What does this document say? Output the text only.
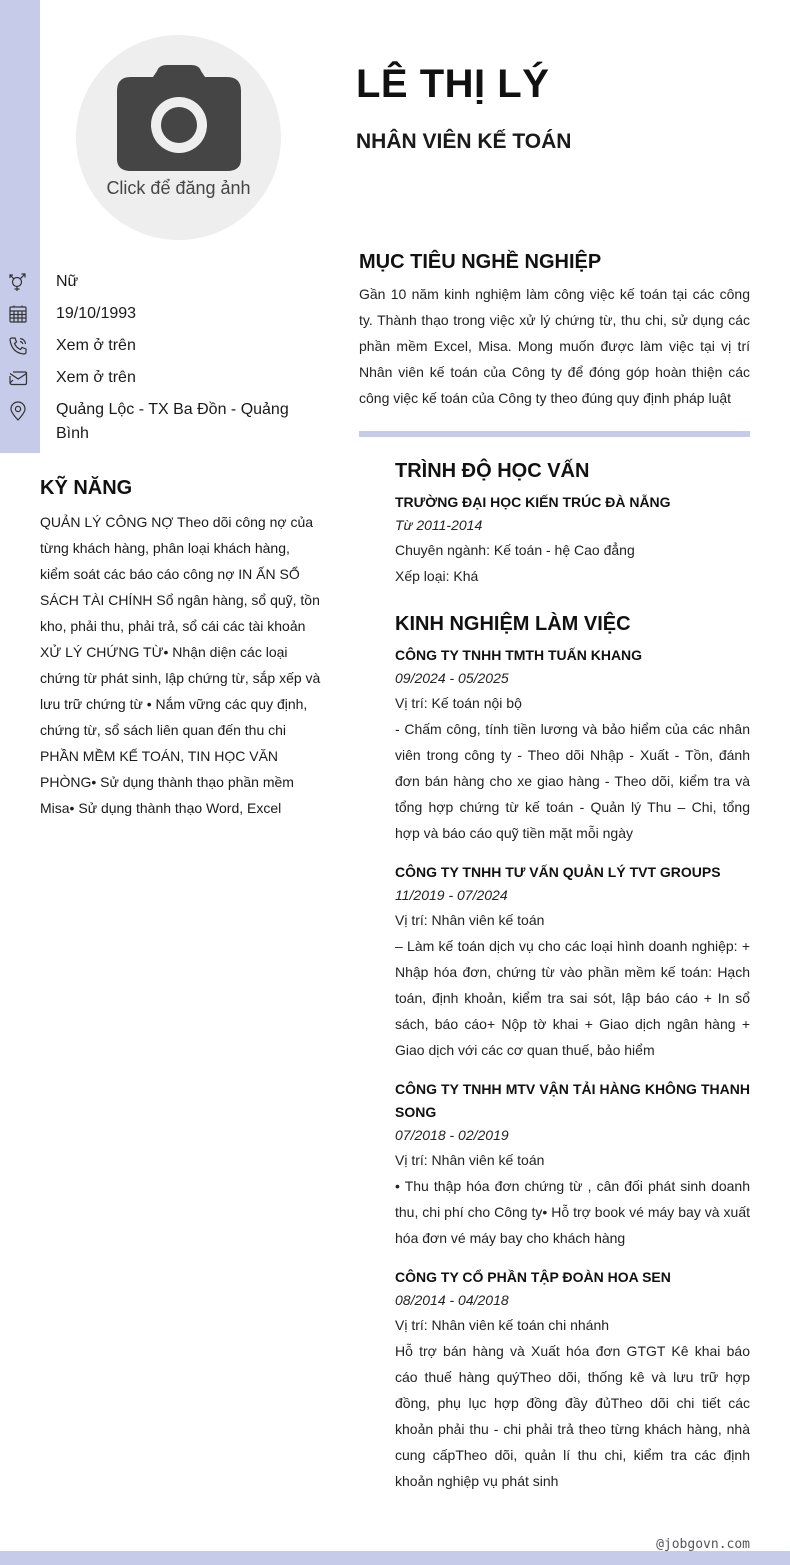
Click để đăng ảnh
LÊ THỊ LÝ
NHÂN VIÊN KẾ TOÁN
Nữ
19/10/1993
Xem ở trên
Xem ở trên
Quảng Lộc - TX Ba Đồn - Quảng Bình
MỤC TIÊU NGHỀ NGHIỆP
Gần 10 năm kinh nghiệm làm công việc kế toán tại các công ty. Thành thạo trong việc xử lý chứng từ, thu chi, sử dụng các phần mềm Excel, Misa. Mong muốn được làm việc tại vị trí Nhân viên kế toán của Công ty để đóng góp hoàn thiện các công việc kế toán của Công ty theo đúng quy định pháp luật
KỸ NĂNG
QUẢN LÝ CÔNG NỢ Theo dõi công nợ của từng khách hàng, phân loại khách hàng, kiểm soát các báo cáo công nợ IN ẤN SỔ SÁCH TÀI CHÍNH Sổ ngân hàng, sổ quỹ, tồn kho, phải thu, phải trả, sổ cái các tài khoản XỬ LÝ CHỨNG TỪ• Nhận diện các loại chứng từ phát sinh, lập chứng từ, sắp xếp và lưu trữ chứng từ • Nắm vững các quy định, chứng từ, sổ sách liên quan đến thu chi PHẦN MỀM KẾ TOÁN, TIN HỌC VĂN PHÒNG• Sử dụng thành thạo phần mềm Misa• Sử dụng thành thạo Word, Excel
TRÌNH ĐỘ HỌC VẤN
TRƯỜNG ĐẠI HỌC KIẾN TRÚC ĐÀ NẴNG
Từ 2011-2014
Chuyên ngành: Kế toán - hệ Cao đẳng
Xếp loại: Khá
KINH NGHIỆM LÀM VIỆC
CÔNG TY TNHH TMTH TUẤN KHANG
09/2024 - 05/2025
Vị trí: Kế toán nội bộ
- Chấm công, tính tiền lương và bảo hiểm của các nhân viên trong công ty - Theo dõi Nhập - Xuất - Tồn, đánh đơn bán hàng cho xe giao hàng - Theo dõi, kiểm tra và tổng hợp chứng từ kế toán - Quản lý Thu – Chi, tổng hợp và báo cáo quỹ tiền mặt mỗi ngày
CÔNG TY TNHH TƯ VẤN QUẢN LÝ TVT GROUPS
11/2019 - 07/2024
Vị trí: Nhân viên kế toán
– Làm kế toán dịch vụ cho các loại hình doanh nghiệp: + Nhập hóa đơn, chứng từ vào phần mềm kế toán: Hạch toán, định khoản, kiểm tra sai sót, lập báo cáo + In sổ sách, báo cáo+ Nộp tờ khai + Giao dịch ngân hàng + Giao dịch với các cơ quan thuế, bảo hiểm
CÔNG TY TNHH MTV VẬN TẢI HÀNG KHÔNG THANH SONG
07/2018 - 02/2019
Vị trí: Nhân viên kế toán
• Thu thập hóa đơn chứng từ , cân đối phát sinh doanh thu, chi phí cho Công ty• Hỗ trợ book vé máy bay và xuất hóa đơn vé máy bay cho khách hàng
CÔNG TY CỔ PHẦN TẬP ĐOÀN HOA SEN
08/2014 - 04/2018
Vị trí: Nhân viên kế toán chi nhánh
Hỗ trợ bán hàng và Xuất hóa đơn GTGT Kê khai báo cáo thuế hàng quýTheo dõi, thống kê và lưu trữ hợp đồng, phụ lục hợp đồng đầy đủTheo dõi chi tiết các khoản phải thu - chi phải trả theo từng khách hàng, nhà cung cấpTheo dõi, quản lí thu chi, kiểm tra các định khoản nghiệp vụ phát sinh
@jobgovn.com
